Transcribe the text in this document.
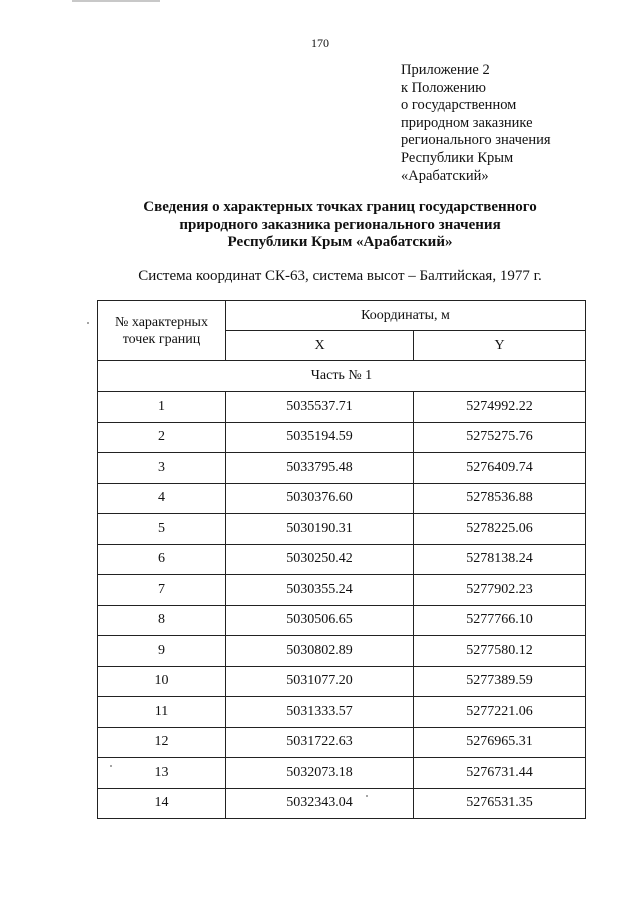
170
Приложение 2
к Положению
о государственном
природном заказнике
регионального значения
Республики Крым
«Арабатский»
Сведения о характерных точках границ государственного
природного заказника регионального значения
Республики Крым «Арабатский»
Система координат СК-63, система высот – Балтийская, 1977 г.
№ характерных точек границ	Координаты, м	
	X	Y
Часть № 1		
1	5035537.71	5274992.22
2	5035194.59	5275275.76
3	5033795.48	5276409.74
4	5030376.60	5278536.88
5	5030190.31	5278225.06
6	5030250.42	5278138.24
7	5030355.24	5277902.23
8	5030506.65	5277766.10
9	5030802.89	5277580.12
10	5031077.20	5277389.59
11	5031333.57	5277221.06
12	5031722.63	5276965.31
13	5032073.18	5276731.44
14	5032343.04	5276531.35
